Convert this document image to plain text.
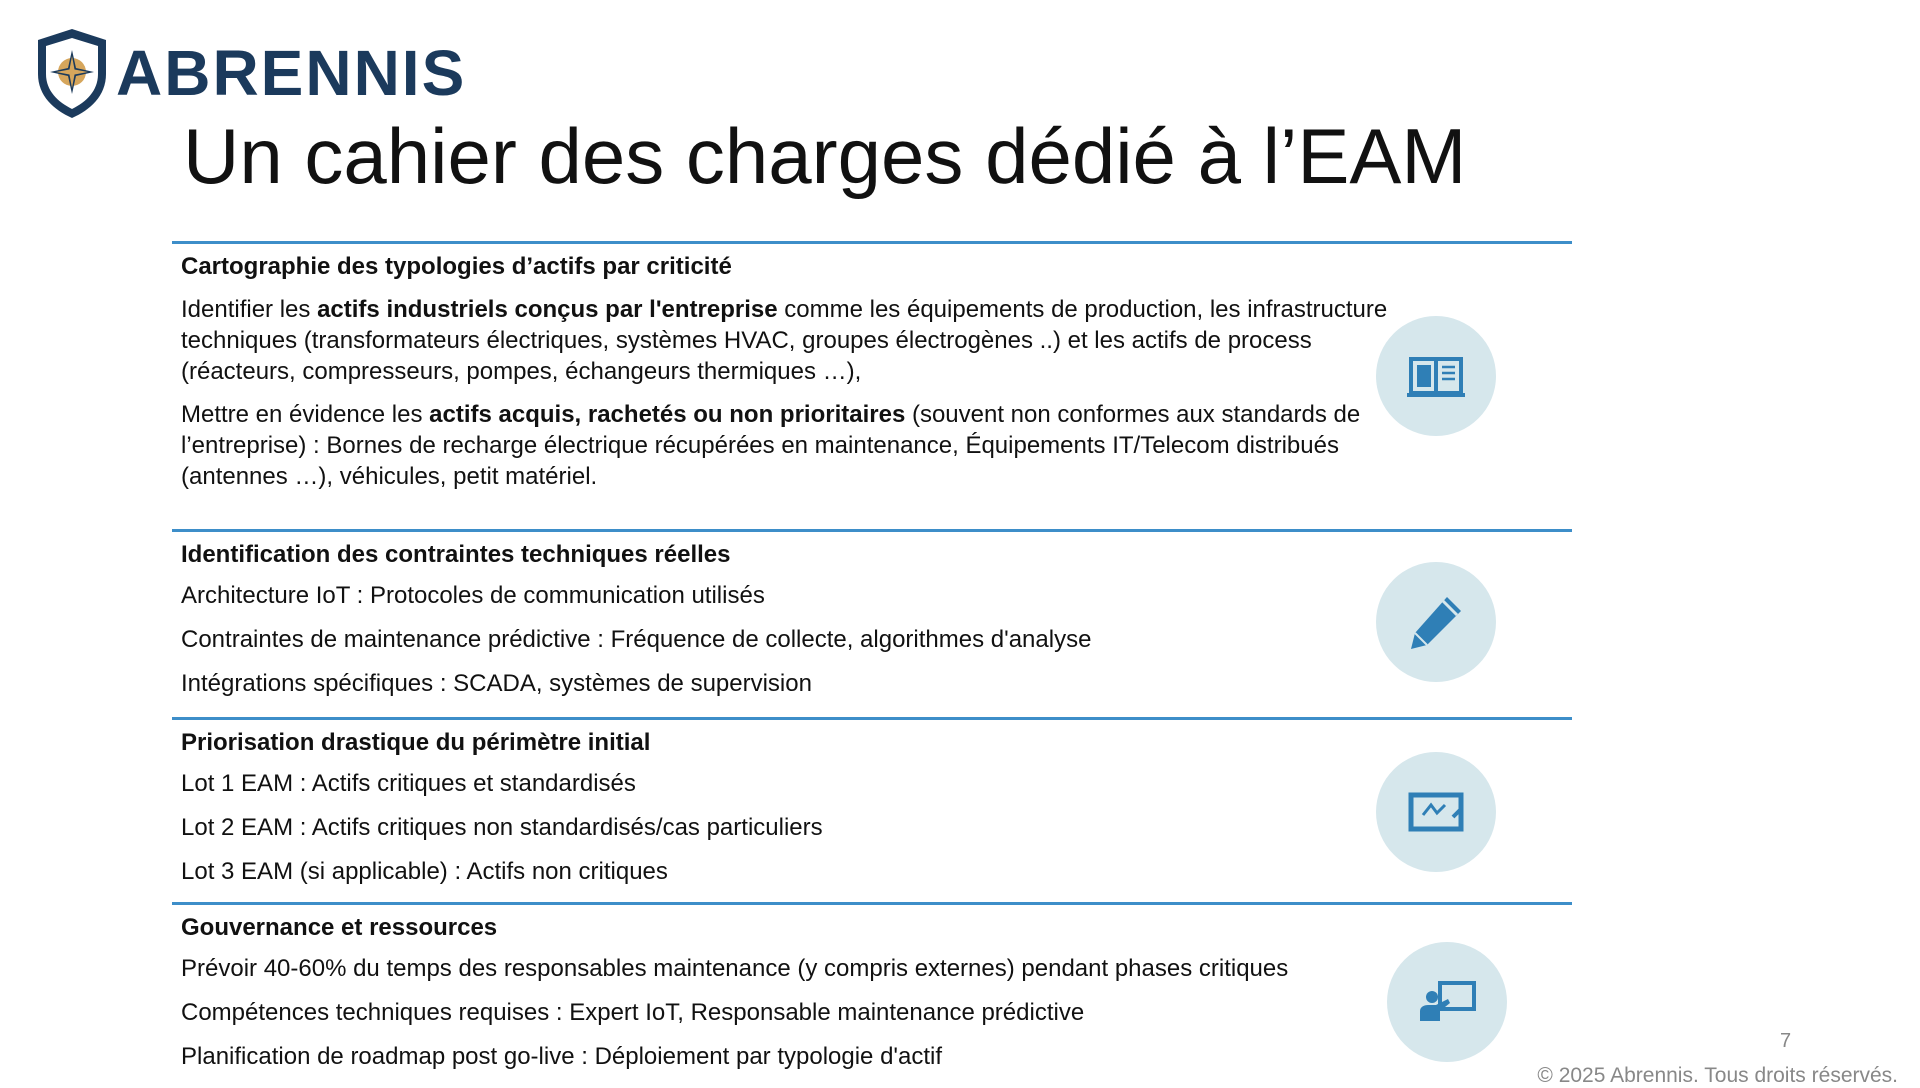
ABRENNIS
Un cahier des charges dédié à l’EAM
Cartographie des typologies d’actifs par criticité
Identifier les actifs industriels conçus par l'entreprise comme les équipements de production, les infrastructure techniques (transformateurs électriques, systèmes HVAC, groupes électrogènes ..) et les actifs de process (réacteurs, compresseurs, pompes, échangeurs thermiques …),
Mettre en évidence les actifs acquis, rachetés ou non prioritaires (souvent non conformes aux standards de l’entreprise) : Bornes de recharge électrique récupérées en maintenance, Équipements IT/Telecom distribués (antennes …), véhicules, petit matériel.
Identification des contraintes techniques réelles
Architecture IoT : Protocoles de communication utilisés
Contraintes de maintenance prédictive : Fréquence de collecte, algorithmes d'analyse
Intégrations spécifiques : SCADA, systèmes de supervision
Priorisation drastique du périmètre initial
Lot 1 EAM : Actifs critiques et standardisés
Lot 2 EAM : Actifs critiques non standardisés/cas particuliers
Lot 3 EAM (si applicable) : Actifs non critiques
Gouvernance et ressources
Prévoir 40-60% du temps des responsables maintenance (y compris externes) pendant phases critiques
Compétences techniques requises : Expert IoT, Responsable maintenance prédictive
Planification de roadmap post go-live : Déploiement par typologie d'actif
7
© 2025 Abrennis. Tous droits réservés.
